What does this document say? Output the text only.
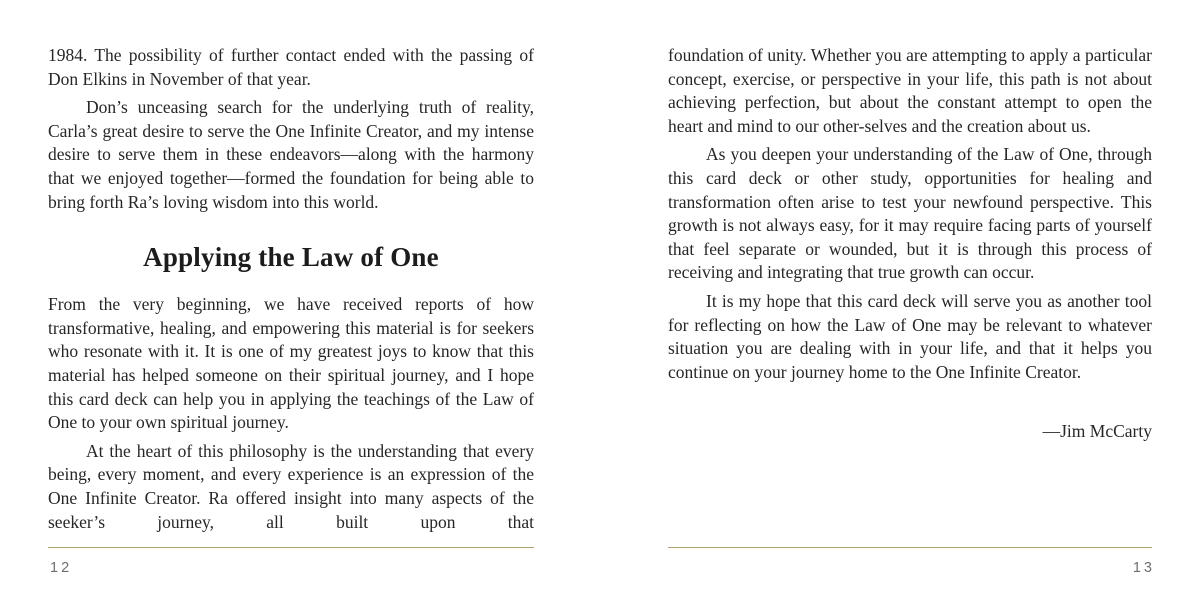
1984. The possibility of further contact ended with the passing of Don Elkins in November of that year.

Don’s unceasing search for the underlying truth of reality, Carla’s great desire to serve the One Infinite Creator, and my intense desire to serve them in these endeavors—along with the harmony that we enjoyed together—formed the foundation for being able to bring forth Ra’s loving wisdom into this world.

Applying the Law of One

From the very beginning, we have received reports of how transformative, healing, and empowering this material is for seekers who resonate with it. It is one of my greatest joys to know that this material has helped someone on their spiritual journey, and I hope this card deck can help you in applying the teachings of the Law of One to your own spiritual journey.

At the heart of this philosophy is the understanding that every being, every moment, and every experience is an expression of the One Infinite Creator. Ra offered insight into many aspects of the seeker’s journey, all built upon that

12

foundation of unity. Whether you are attempting to apply a particular concept, exercise, or perspective in your life, this path is not about achieving perfection, but about the constant attempt to open the heart and mind to our other-selves and the creation about us.

As you deepen your understanding of the Law of One, through this card deck or other study, opportunities for healing and transformation often arise to test your newfound perspective. This growth is not always easy, for it may require facing parts of yourself that feel separate or wounded, but it is through this process of receiving and integrating that true growth can occur.

It is my hope that this card deck will serve you as another tool for reflecting on how the Law of One may be relevant to whatever situation you are dealing with in your life, and that it helps you continue on your journey home to the One Infinite Creator.

—Jim McCarty

13
